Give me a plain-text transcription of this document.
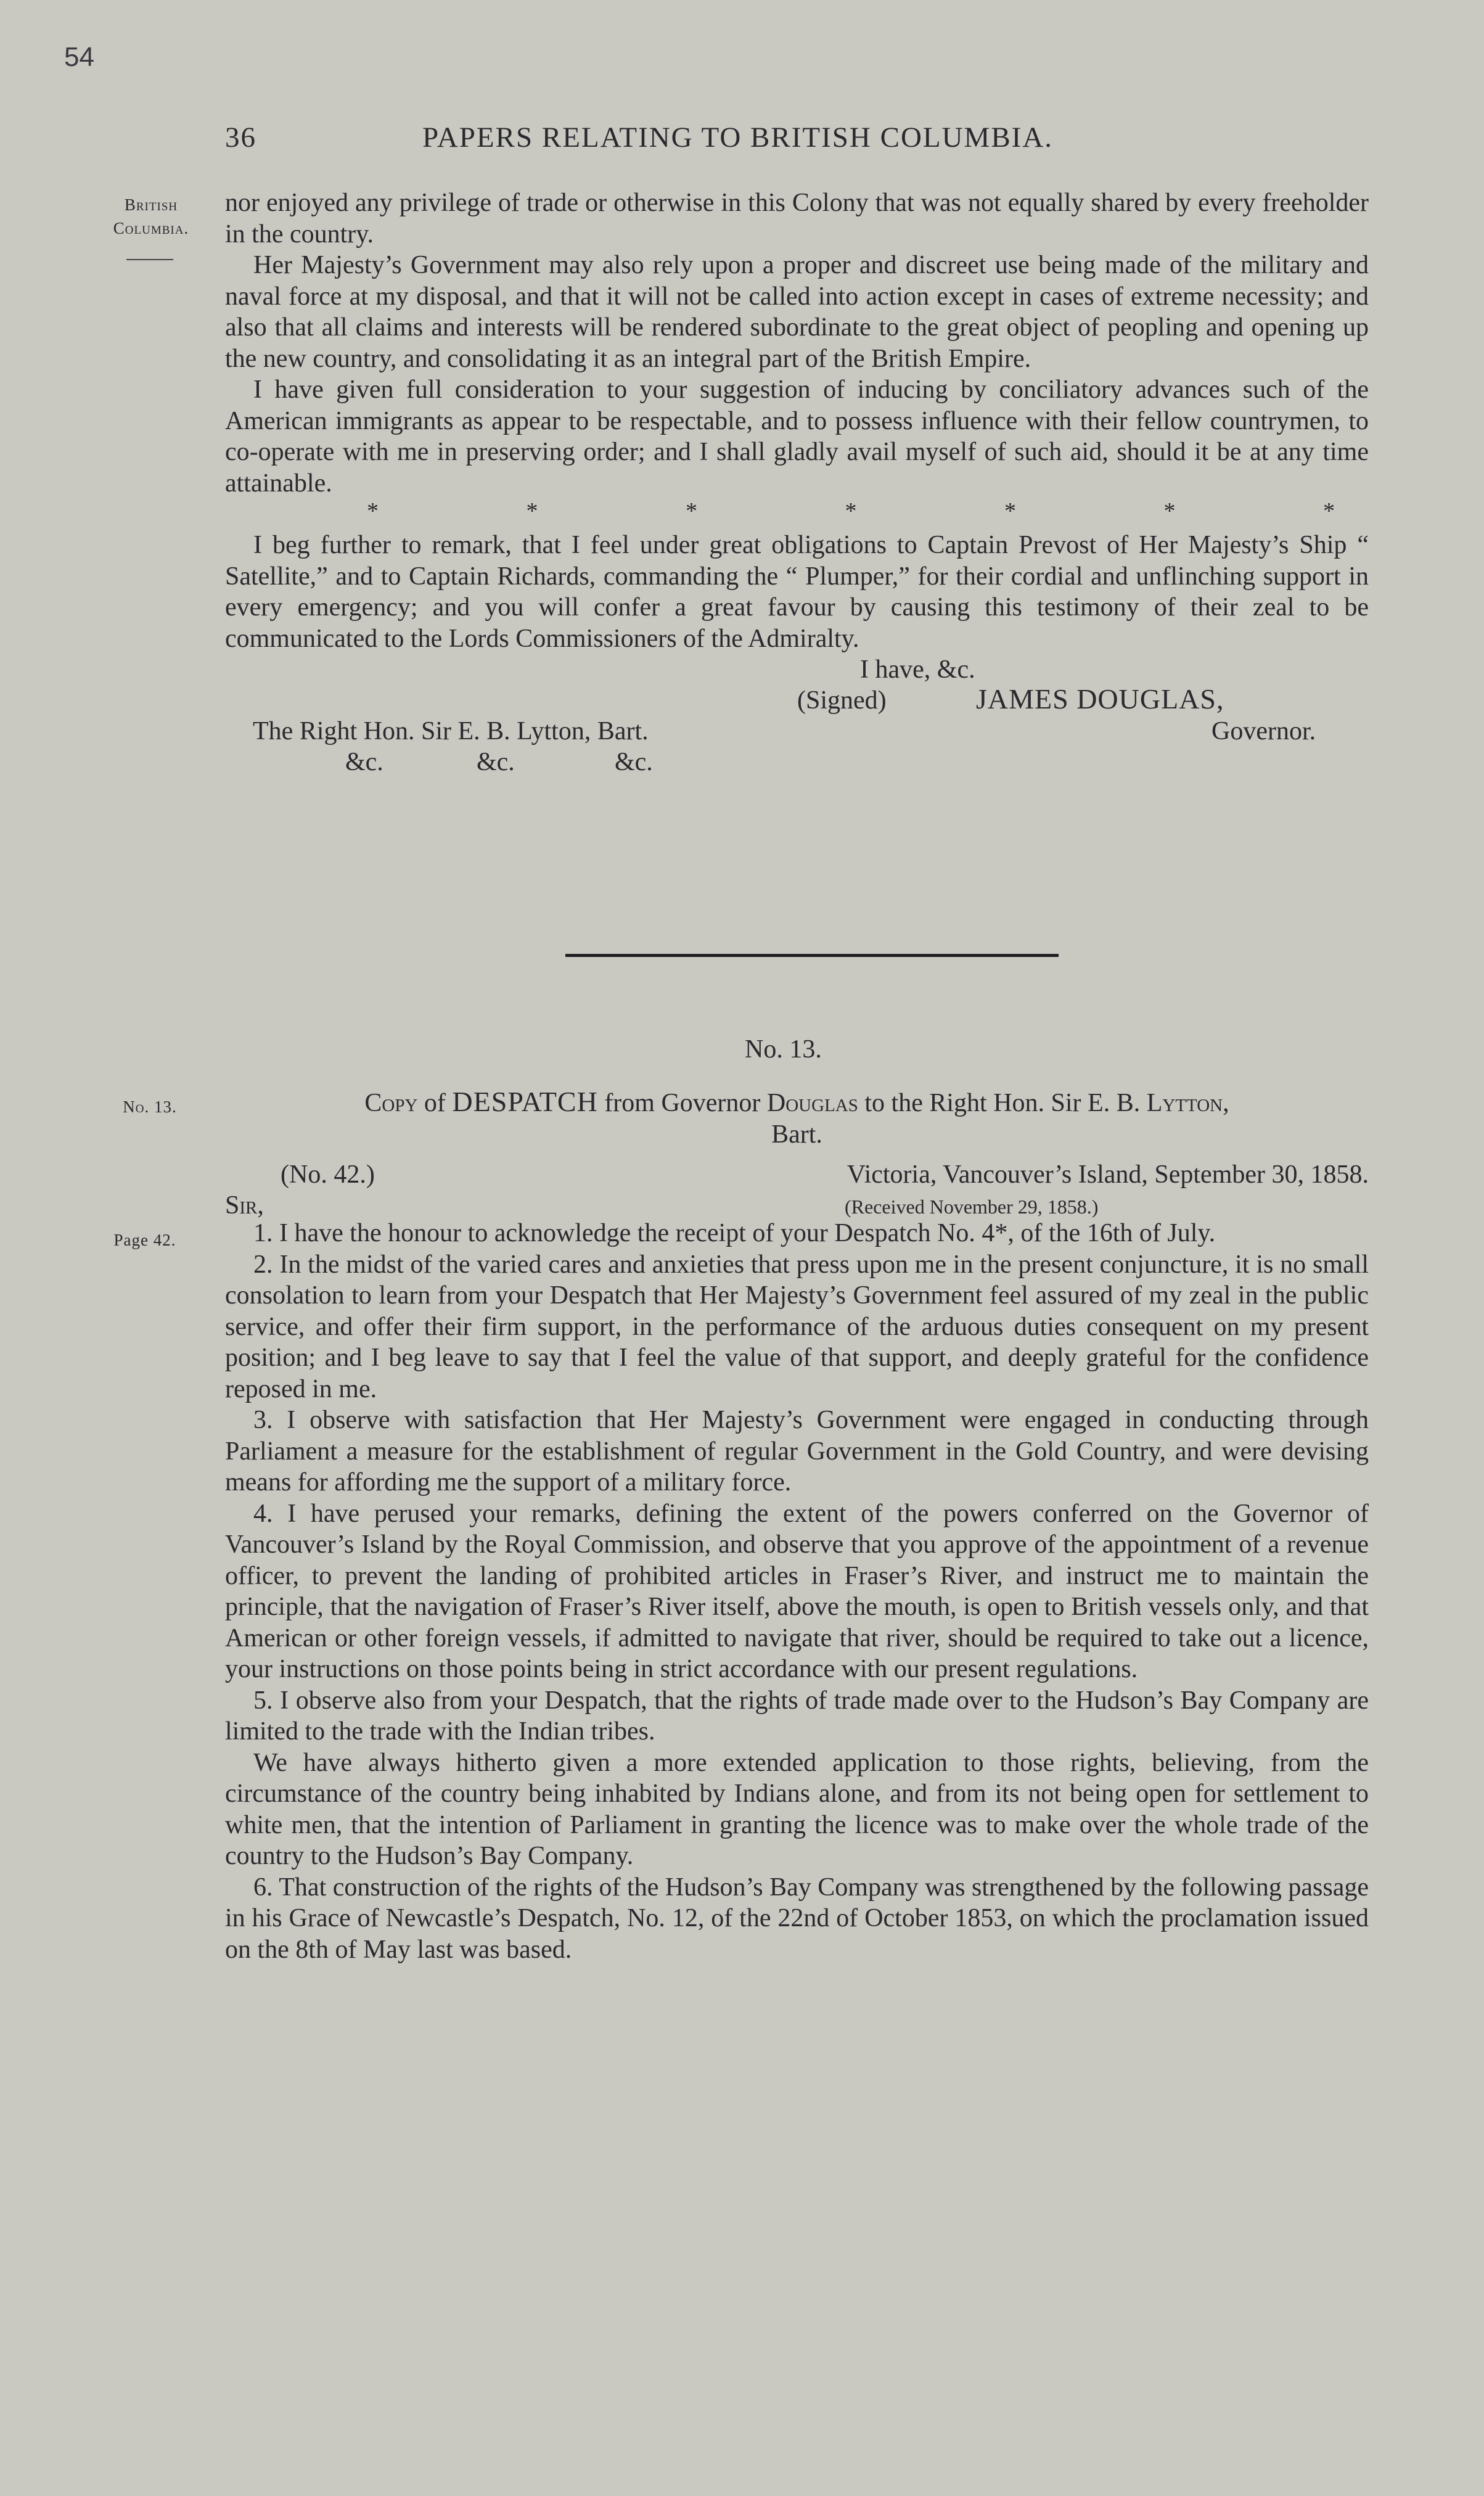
54

36	PAPERS RELATING TO BRITISH COLUMBIA.

British
Columbia.
No. 13.
Page 42.

nor enjoyed any privilege of trade or otherwise in this Colony that was not equally shared by every freeholder in the country.

Her Majesty’s Government may also rely upon a proper and discreet use being made of the military and naval force at my disposal, and that it will not be called into action except in cases of extreme necessity; and also that all claims and interests will be rendered subordinate to the great object of peopling and opening up the new country, and consolidating it as an integral part of the British Empire.

I have given full consideration to your suggestion of inducing by conciliatory advances such of the American immigrants as appear to be respectable, and to possess influence with their fellow countrymen, to co-operate with me in preserving order; and I shall gladly avail myself of such aid, should it be at any time attainable.

*	*	*	*	*	*	*

I beg further to remark, that I feel under great obligations to Captain Prevost of Her Majesty’s Ship “ Satellite,” and to Captain Richards, commanding the “ Plumper,” for their cordial and unflinching support in every emergency; and you will confer a great favour by causing this testimony of their zeal to be communicated to the Lords Commissioners of the Admiralty.

I have, &c.
(Signed)	JAMES DOUGLAS,
The Right Hon. Sir E. B. Lytton, Bart.	Governor.
&c.	&c.	&c.

No. 13.

Copy of DESPATCH from Governor Douglas to the Right Hon. Sir E. B. Lytton,
Bart.
(No. 42.)	Victoria, Vancouver’s Island, September 30, 1858.
Sir,	(Received November 29, 1858.)

1. I have the honour to acknowledge the receipt of your Despatch No. 4*, of the 16th of July.

2. In the midst of the varied cares and anxieties that press upon me in the present conjuncture, it is no small consolation to learn from your Despatch that Her Majesty’s Government feel assured of my zeal in the public service, and offer their firm support, in the performance of the arduous duties consequent on my present position; and I beg leave to say that I feel the value of that support, and deeply grateful for the confidence reposed in me.

3. I observe with satisfaction that Her Majesty’s Government were engaged in conducting through Parliament a measure for the establishment of regular Government in the Gold Country, and were devising means for affording me the support of a military force.

4. I have perused your remarks, defining the extent of the powers conferred on the Governor of Vancouver’s Island by the Royal Commission, and observe that you approve of the appointment of a revenue officer, to prevent the landing of prohibited articles in Fraser’s River, and instruct me to maintain the principle, that the navigation of Fraser’s River itself, above the mouth, is open to British vessels only, and that American or other foreign vessels, if admitted to navigate that river, should be required to take out a licence, your instructions on those points being in strict accordance with our present regulations.

5. I observe also from your Despatch, that the rights of trade made over to the Hudson’s Bay Company are limited to the trade with the Indian tribes.

We have always hitherto given a more extended application to those rights, believing, from the circumstance of the country being inhabited by Indians alone, and from its not being open for settlement to white men, that the intention of Parliament in granting the licence was to make over the whole trade of the country to the Hudson’s Bay Company.

6. That construction of the rights of the Hudson’s Bay Company was strengthened by the following passage in his Grace of Newcastle’s Despatch, No. 12, of the 22nd of October 1853, on which the proclamation issued on the 8th of May last was based.
